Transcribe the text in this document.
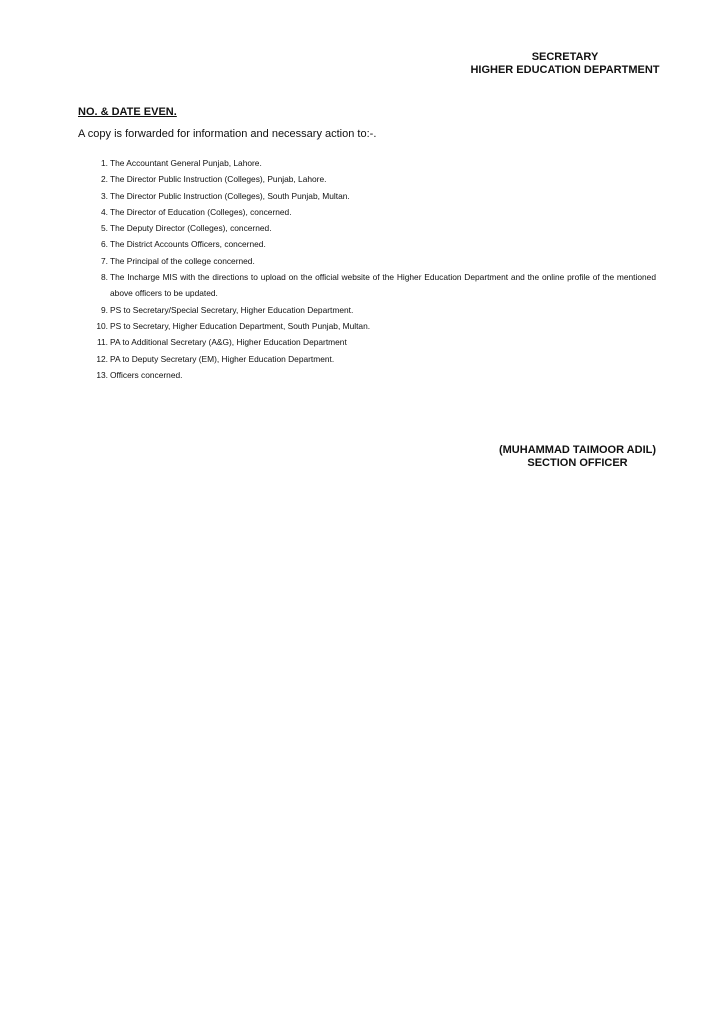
SECRETARY
HIGHER EDUCATION DEPARTMENT
NO. & DATE EVEN.
A copy is forwarded for information and necessary action to:-.
1. The Accountant General Punjab, Lahore.
2. The Director Public Instruction (Colleges), Punjab, Lahore.
3. The Director Public Instruction (Colleges), South Punjab, Multan.
4. The Director of Education (Colleges), concerned.
5. The Deputy Director (Colleges), concerned.
6. The District Accounts Officers, concerned.
7. The Principal of the college concerned.
8. The Incharge MIS with the directions to upload on the official website of the Higher Education Department and the online profile of the mentioned above officers to be updated.
9. PS to Secretary/Special Secretary, Higher Education Department.
10. PS to Secretary, Higher Education Department, South Punjab, Multan.
11. PA to Additional Secretary (A&G), Higher Education Department
12. PA to Deputy Secretary (EM), Higher Education Department.
13. Officers concerned.
(MUHAMMAD TAIMOOR ADIL)
SECTION OFFICER
